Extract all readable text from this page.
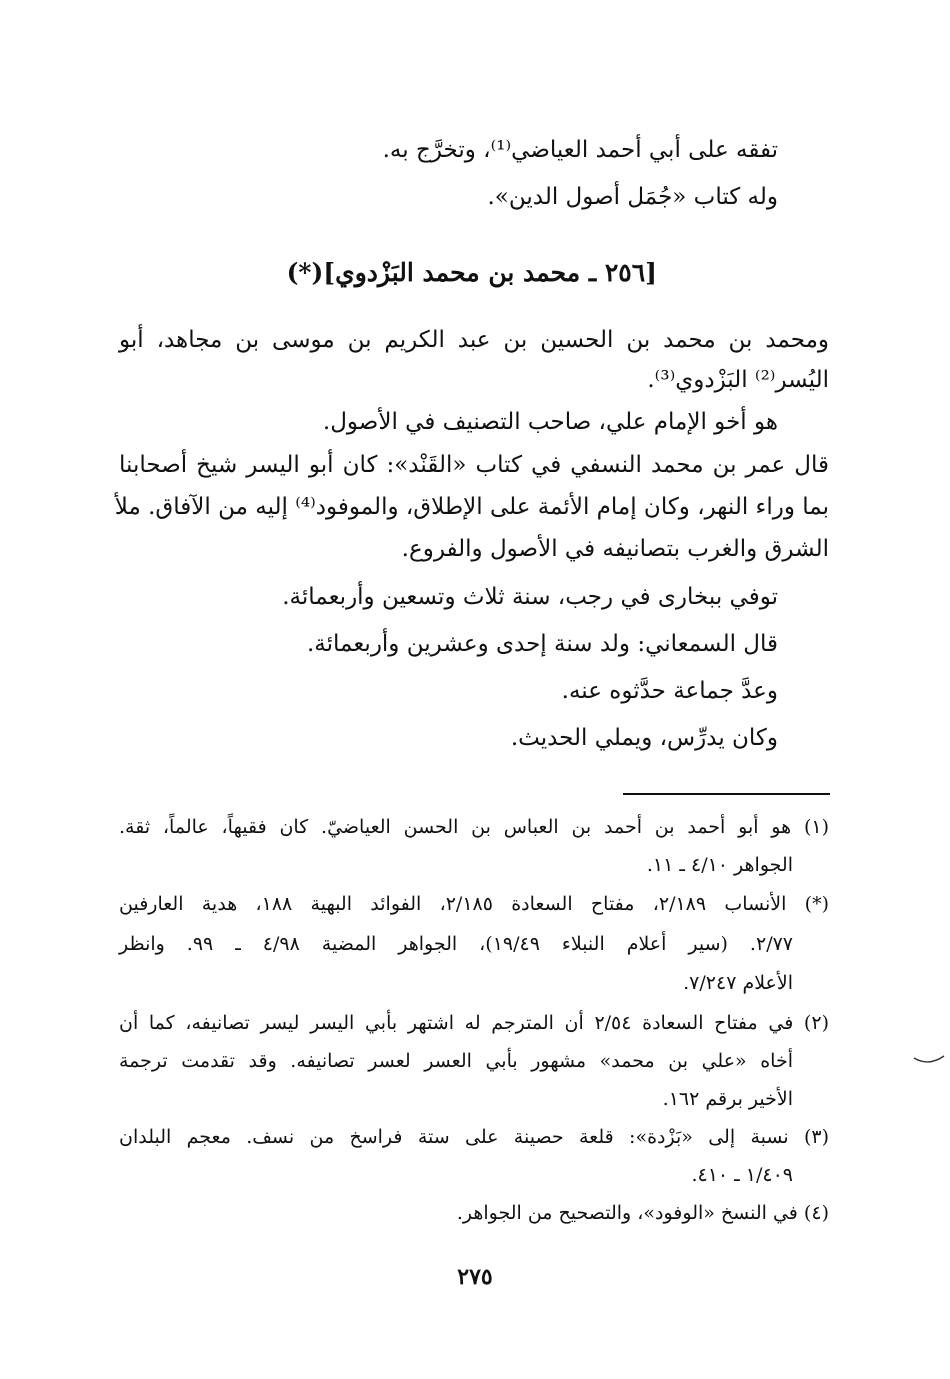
تفقه على أبي أحمد العياضي⁽¹⁾، وتخرَّج به.
وله كتاب «جُمَل أصول الدين».
[٢٥٦ ـ محمد بن محمد البَزْدوي](*)
ومحمد بن محمد بن الحسين بن عبد الكريم بن موسى بن مجاهد، أبو
اليُسر⁽²⁾ البَزْدوي⁽³⁾.
هو أخو الإمام علي، صاحب التصنيف في الأصول.
قال عمر بن محمد النسفي في كتاب «القَنْد»: كان أبو اليسر شيخ أصحابنا
بما وراء النهر، وكان إمام الأئمة على الإطلاق، والموفود⁽⁴⁾ إليه من الآفاق. ملأ
الشرق والغرب بتصانيفه في الأصول والفروع.
توفي ببخارى في رجب، سنة ثلاث وتسعين وأربعمائة.
قال السمعاني: ولد سنة إحدى وعشرين وأربعمائة.
وعدَّ جماعة حدَّثوه عنه.
وكان يدرِّس، ويملي الحديث.
(١) هو أبو أحمد بن أحمد بن العباس بن الحسن العياضيّ. كان فقيهاً، عالماً، ثقة.
الجواهر ٤/١٠ ـ ١١.
(*) الأنساب ٢/١٨٩، مفتاح السعادة ٢/١٨٥، الفوائد البهية ١٨٨، هدية العارفين
٢/٧٧. (سير أعلام النبلاء ١٩/٤٩)، الجواهر المضية ٤/٩٨ ـ ٩٩. وانظر
الأعلام ٧/٢٤٧.
(٢) في مفتاح السعادة ٢/٥٤ أن المترجم له اشتهر بأبي اليسر ليسر تصانيفه، كما أن
أخاه «علي بن محمد» مشهور بأبي العسر لعسر تصانيفه. وقد تقدمت ترجمة
الأخير برقم ١٦٢.
(٣) نسبة إلى «بَزْدة»: قلعة حصينة على ستة فراسخ من نسف. معجم البلدان
١/٤٠٩ ـ ٤١٠.
(٤) في النسخ «الوفود»، والتصحيح من الجواهر.
٢٧٥
